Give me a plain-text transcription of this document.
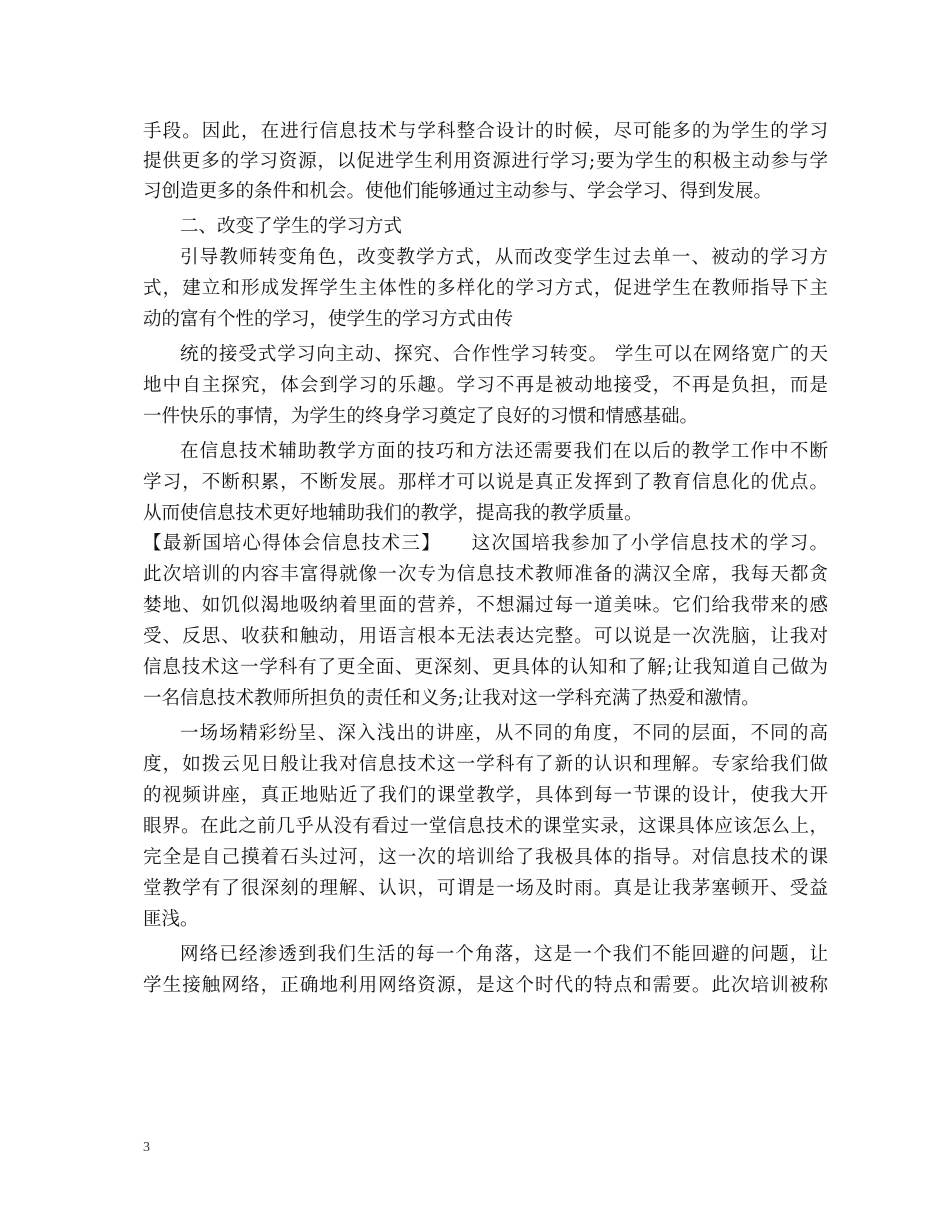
手段。因此，在进行信息技术与学科整合设计的时候，尽可能多的为学生的学习
提供更多的学习资源，以促进学生利用资源进行学习;要为学生的积极主动参与学
习创造更多的条件和机会。使他们能够通过主动参与、学会学习、得到发展。
二、改变了学生的学习方式
引导教师转变角色，改变教学方式，从而改变学生过去单一、被动的学习方
式，建立和形成发挥学生主体性的多样化的学习方式，促进学生在教师指导下主
动的富有个性的学习，使学生的学习方式由传
统的接受式学习向主动、探究、合作性学习转变。 学生可以在网络宽广的天
地中自主探究，体会到学习的乐趣。学习不再是被动地接受，不再是负担，而是
一件快乐的事情，为学生的终身学习奠定了良好的习惯和情感基础。
在信息技术辅助教学方面的技巧和方法还需要我们在以后的教学工作中不断
学习，不断积累，不断发展。那样才可以说是真正发挥到了教育信息化的优点。
从而使信息技术更好地辅助我们的教学，提高我的教学质量。
【最新国培心得体会信息技术三】　　这次国培我参加了小学信息技术的学习。
此次培训的内容丰富得就像一次专为信息技术教师准备的满汉全席，我每天都贪
婪地、如饥似渴地吸纳着里面的营养，不想漏过每一道美味。它们给我带来的感
受、反思、收获和触动，用语言根本无法表达完整。可以说是一次洗脑，让我对
信息技术这一学科有了更全面、更深刻、更具体的认知和了解;让我知道自己做为
一名信息技术教师所担负的责任和义务;让我对这一学科充满了热爱和激情。
一场场精彩纷呈、深入浅出的讲座，从不同的角度，不同的层面，不同的高
度，如拨云见日般让我对信息技术这一学科有了新的认识和理解。专家给我们做
的视频讲座，真正地贴近了我们的课堂教学，具体到每一节课的设计，使我大开
眼界。在此之前几乎从没有看过一堂信息技术的课堂实录，这课具体应该怎么上，
完全是自己摸着石头过河，这一次的培训给了我极具体的指导。对信息技术的课
堂教学有了很深刻的理解、认识，可谓是一场及时雨。真是让我茅塞顿开、受益
匪浅。
网络已经渗透到我们生活的每一个角落，这是一个我们不能回避的问题，让
学生接触网络，正确地利用网络资源，是这个时代的特点和需要。此次培训被称
3
